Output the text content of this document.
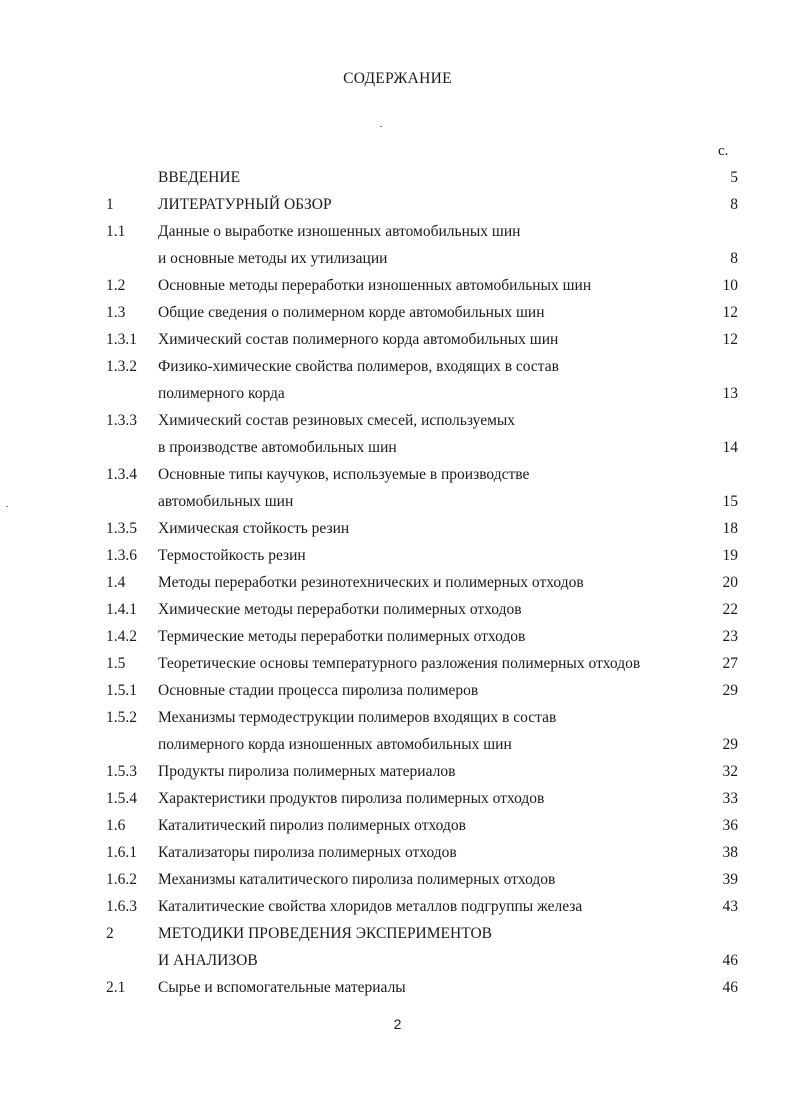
СОДЕРЖАНИЕ
с.
ВВЕДЕНИЕ	5
1	ЛИТЕРАТУРНЫЙ ОБЗОР	8
1.1 Данные о выработке изношенных автомобильных шин
и основные методы их утилизации	8
1.2 Основные методы переработки изношенных автомобильных шин	10
1.3 Общие сведения о полимерном корде автомобильных шин	12
1.3.1 Химический состав полимерного корда автомобильных шин	12
1.3.2 Физико-химические свойства полимеров, входящих в состав
полимерного корда	13
1.3.3 Химический состав резиновых смесей, используемых
в производстве автомобильных шин	14
1.3.4 Основные типы каучуков, используемые в производстве
автомобильных шин	15
1.3.5 Химическая стойкость резин	18
1.3.6 Термостойкость резин	19
1.4 Методы переработки резинотехнических и полимерных отходов	20
1.4.1 Химические методы переработки полимерных отходов	22
1.4.2 Термические методы переработки полимерных отходов	23
1.5 Теоретические основы температурного разложения полимерных отходов	27
1.5.1 Основные стадии процесса пиролиза полимеров	29
1.5.2 Механизмы термодеструкции полимеров входящих в состав
полимерного корда изношенных автомобильных шин	29
1.5.3 Продукты пиролиза полимерных материалов	32
1.5.4 Характеристики продуктов пиролиза полимерных отходов	33
1.6 Каталитический пиролиз полимерных отходов	36
1.6.1 Катализаторы пиролиза полимерных отходов	38
1.6.2 Механизмы каталитического пиролиза полимерных отходов	39
1.6.3 Каталитические свойства хлоридов металлов подгруппы железа	43
2	МЕТОДИКИ ПРОВЕДЕНИЯ ЭКСПЕРИМЕНТОВ
И АНАЛИЗОВ	46
2.1 Сырье и вспомогательные материалы	46
2
